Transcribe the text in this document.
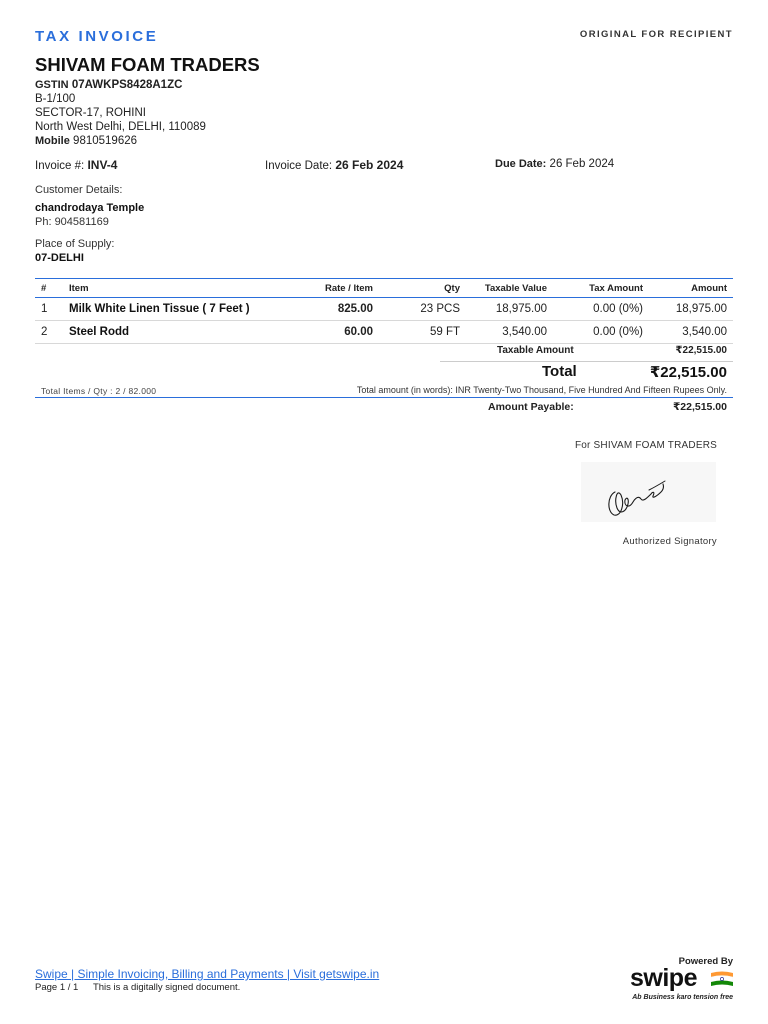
TAX INVOICE	ORIGINAL FOR RECIPIENT
SHIVAM FOAM TRADERS
GSTIN 07AWKPS8428A1ZC
B-1/100
SECTOR-17, ROHINI
North West Delhi, DELHI, 110089
Mobile 9810519626
Invoice #: INV-4	Invoice Date: 26 Feb 2024	Due Date: 26 Feb 2024
Customer Details:
chandrodaya Temple
Ph: 904581169
Place of Supply:
07-DELHI
#	Item	Rate / Item	Qty	Taxable Value	Tax Amount	Amount
1	Milk White Linen Tissue ( 7 Feet )	825.00	23 PCS	18,975.00	0.00 (0%)	18,975.00
2	Steel Rodd	60.00	59 FT	3,540.00	0.00 (0%)	3,540.00
Taxable Amount	₹22,515.00
Total	₹22,515.00
Total Items / Qty : 2 / 82.000	Total amount (in words): INR Twenty-Two Thousand, Five Hundred And Fifteen Rupees Only.
Amount Payable:	₹22,515.00
For SHIVAM FOAM TRADERS
Authorized Signatory
Swipe | Simple Invoicing, Billing and Payments | Visit getswipe.in
Page 1 / 1 This is a digitally signed document.
Powered By
swipe
Ab Business karo tension free
